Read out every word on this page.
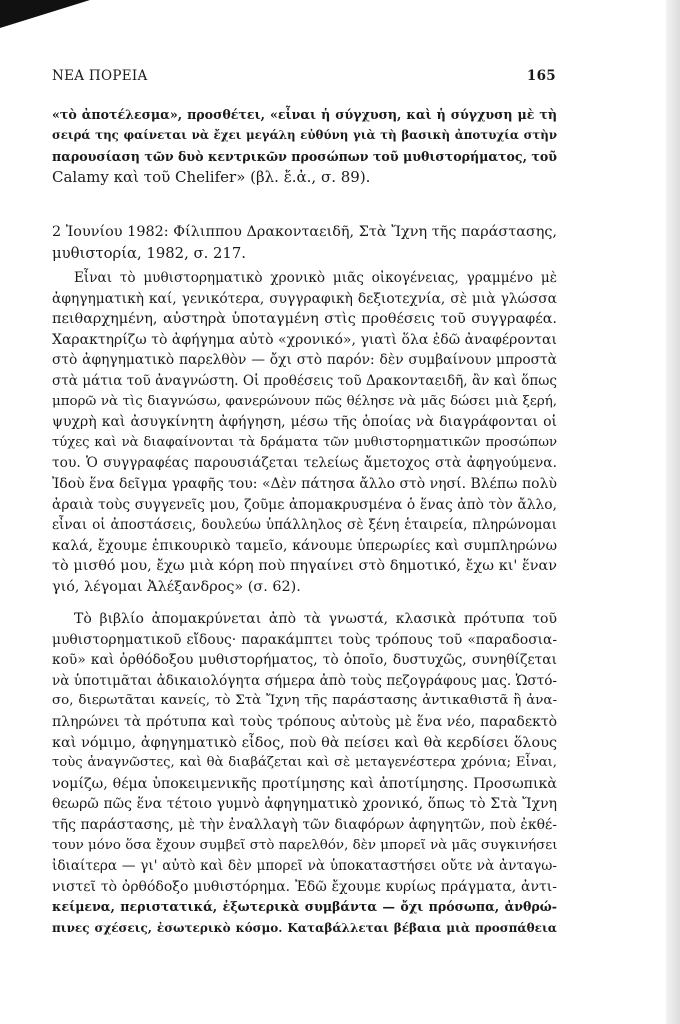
ΝΕΑ ΠΟΡΕΙΑ	165
«τὸ ἀποτέλεσμα», προσθέτει, «εἶναι ἡ σύγχυση, καὶ ἡ σύγχυση μὲ τὴ
σειρά της φαίνεται νὰ ἔχει μεγάλη εὐθύνη γιὰ τὴ βασικὴ ἀποτυχία στὴν
παρουσίαση τῶν δυὸ κεντρικῶν προσώπων τοῦ μυθιστορήματος, τοῦ
Calamy καὶ τοῦ Chelifer» (βλ. ἔ.ἀ., σ. 89).
2 Ἰουνίου 1982: Φίλιππου Δρακονταειδῆ, Στὰ Ἴχνη τῆς παράστασης,
μυθιστορία, 1982, σ. 217.
Εἶναι τὸ μυθιστορηματικὸ χρονικὸ μιᾶς οἰκογένειας, γραμμένο μὲ
ἀφηγηματικὴ καί, γενικότερα, συγγραφικὴ δεξιοτεχνία, σὲ μιὰ γλώσσα
πειθαρχημένη, αὐστηρὰ ὑποταγμένη στὶς προθέσεις τοῦ συγγραφέα.
Χαρακτηρίζω τὸ ἀφήγημα αὐτὸ «χρονικό», γιατὶ ὅλα ἐδῶ ἀναφέρονται
στὸ ἀφηγηματικὸ παρελθὸν — ὄχι στὸ παρόν: δὲν συμβαίνουν μπροστὰ
στὰ μάτια τοῦ ἀναγνώστη. Οἱ προθέσεις τοῦ Δρακονταειδῆ, ἂν καὶ ὅπως
μπορῶ νὰ τὶς διαγνώσω, φανερώνουν πῶς θέλησε νὰ μᾶς δώσει μιὰ ξερή,
ψυχρὴ καὶ ἀσυγκίνητη ἀφήγηση, μέσω τῆς ὁποίας νὰ διαγράφονται οἱ
τύχες καὶ νὰ διαφαίνονται τὰ δράματα τῶν μυθιστορηματικῶν προσώπων
του. Ὁ συγγραφέας παρουσιάζεται τελείως ἄμετοχος στὰ ἀφηγούμενα.
Ἰδοὺ ἕνα δεῖγμα γραφῆς του: «Δὲν πάτησα ἄλλο στὸ νησί. Βλέπω πολὺ
ἀραιὰ τοὺς συγγενεῖς μου, ζοῦμε ἀπομακρυσμένα ὁ ἕνας ἀπὸ τὸν ἄλλο,
εἶναι οἱ ἀποστάσεις, δουλεύω ὑπάλληλος σὲ ξένη ἑταιρεία, πληρώνομαι
καλά, ἔχουμε ἐπικουρικὸ ταμεῖο, κάνουμε ὑπερωρίες καὶ συμπληρώνω
τὸ μισθό μου, ἔχω μιὰ κόρη ποὺ πηγαίνει στὸ δημοτικό, ἔχω κι' ἕναν
γιό, λέγομαι Ἀλέξανδρος» (σ. 62).
Τὸ βιβλίο ἀπομακρύνεται ἀπὸ τὰ γνωστά, κλασικὰ πρότυπα τοῦ
μυθιστορηματικοῦ εἴδους· παρακάμπτει τοὺς τρόπους τοῦ «παραδοσια-
κοῦ» καὶ ὀρθόδοξου μυθιστορήματος, τὸ ὁποῖο, δυστυχῶς, συνηθίζεται
νὰ ὑποτιμᾶται ἀδικαιολόγητα σήμερα ἀπὸ τοὺς πεζογράφους μας. Ὡστό-
σο, διερωτᾶται κανείς, τὸ Στὰ Ἴχνη τῆς παράστασης ἀντικαθιστᾶ ἢ ἀνα-
πληρώνει τὰ πρότυπα καὶ τοὺς τρόπους αὐτοὺς μὲ ἕνα νέο, παραδεκτὸ
καὶ νόμιμο, ἀφηγηματικὸ εἶδος, ποὺ θὰ πείσει καὶ θὰ κερδίσει ὅλους
τοὺς ἀναγνῶστες, καὶ θὰ διαβάζεται καὶ σὲ μεταγενέστερα χρόνια; Εἶναι,
νομίζω, θέμα ὑποκειμενικῆς προτίμησης καὶ ἀποτίμησης. Προσωπικὰ
θεωρῶ πῶς ἕνα τέτοιο γυμνὸ ἀφηγηματικὸ χρονικό, ὅπως τὸ Στὰ Ἴχνη
τῆς παράστασης, μὲ τὴν ἐναλλαγὴ τῶν διαφόρων ἀφηγητῶν, ποὺ ἐκθέ-
τουν μόνο ὅσα ἔχουν συμβεῖ στὸ παρελθόν, δὲν μπορεῖ νὰ μᾶς συγκινήσει
ἰδιαίτερα — γι' αὐτὸ καὶ δὲν μπορεῖ νὰ ὑποκαταστήσει οὔτε νὰ ἀνταγω-
νιστεῖ τὸ ὀρθόδοξο μυθιστόρημα. Ἐδῶ ἔχουμε κυρίως πράγματα, ἀντι-
κείμενα, περιστατικά, ἐξωτερικὰ συμβάντα — ὄχι πρόσωπα, ἀνθρώ-
πινες σχέσεις, ἐσωτερικὸ κόσμο. Καταβάλλεται βέβαια μιὰ προσπάθεια
